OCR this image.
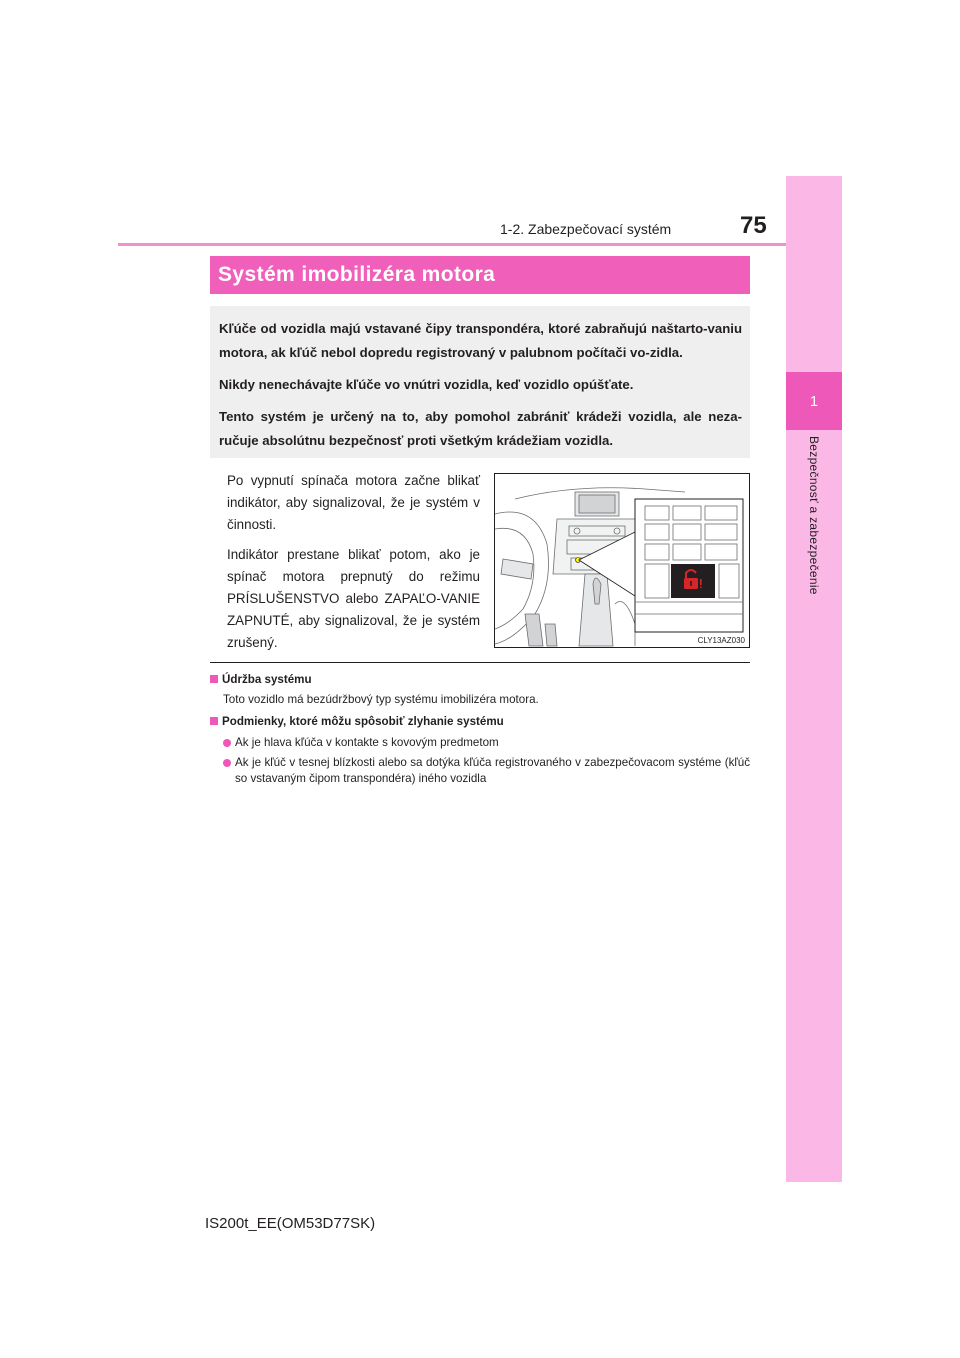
1-2. Zabezpečovací systém	75
1
Bezpečnosť a zabezpečenie
Systém imobilizéra motora

Kľúče od vozidla majú vstavané čipy transpondéra, ktoré zabraňujú naštarto-vaniu motora, ak kľúč nebol dopredu registrovaný v palubnom počítači vo-zidla.

Nikdy nenechávajte kľúče vo vnútri vozidla, keď vozidlo opúšťate.

Tento systém je určený na to, aby pomohol zabrániť krádeži vozidla, ale neza-ručuje absolútnu bezpečnosť proti všetkým krádežiam vozidla.

Po vypnutí spínača motora začne blikať indikátor, aby signalizoval, že je systém v činnosti.

Indikátor prestane blikať potom, ako je spínač motora prepnutý do režimu PRÍSLUŠENSTVO alebo ZAPAĽO-VANIE ZAPNUTÉ, aby signalizoval, že je systém zrušený.	CLY13AZ030
Údržba systému
Toto vozidlo má bezúdržbový typ systému imobilizéra motora.
Podmienky, ktoré môžu spôsobiť zlyhanie systému
Ak je hlava kľúča v kontakte s kovovým predmetom
Ak je kľúč v tesnej blízkosti alebo sa dotýka kľúča registrovaného v zabezpečovacom systéme (kľúč so vstavaným čipom transpondéra) iného vozidla
IS200t_EE(OM53D77SK)
